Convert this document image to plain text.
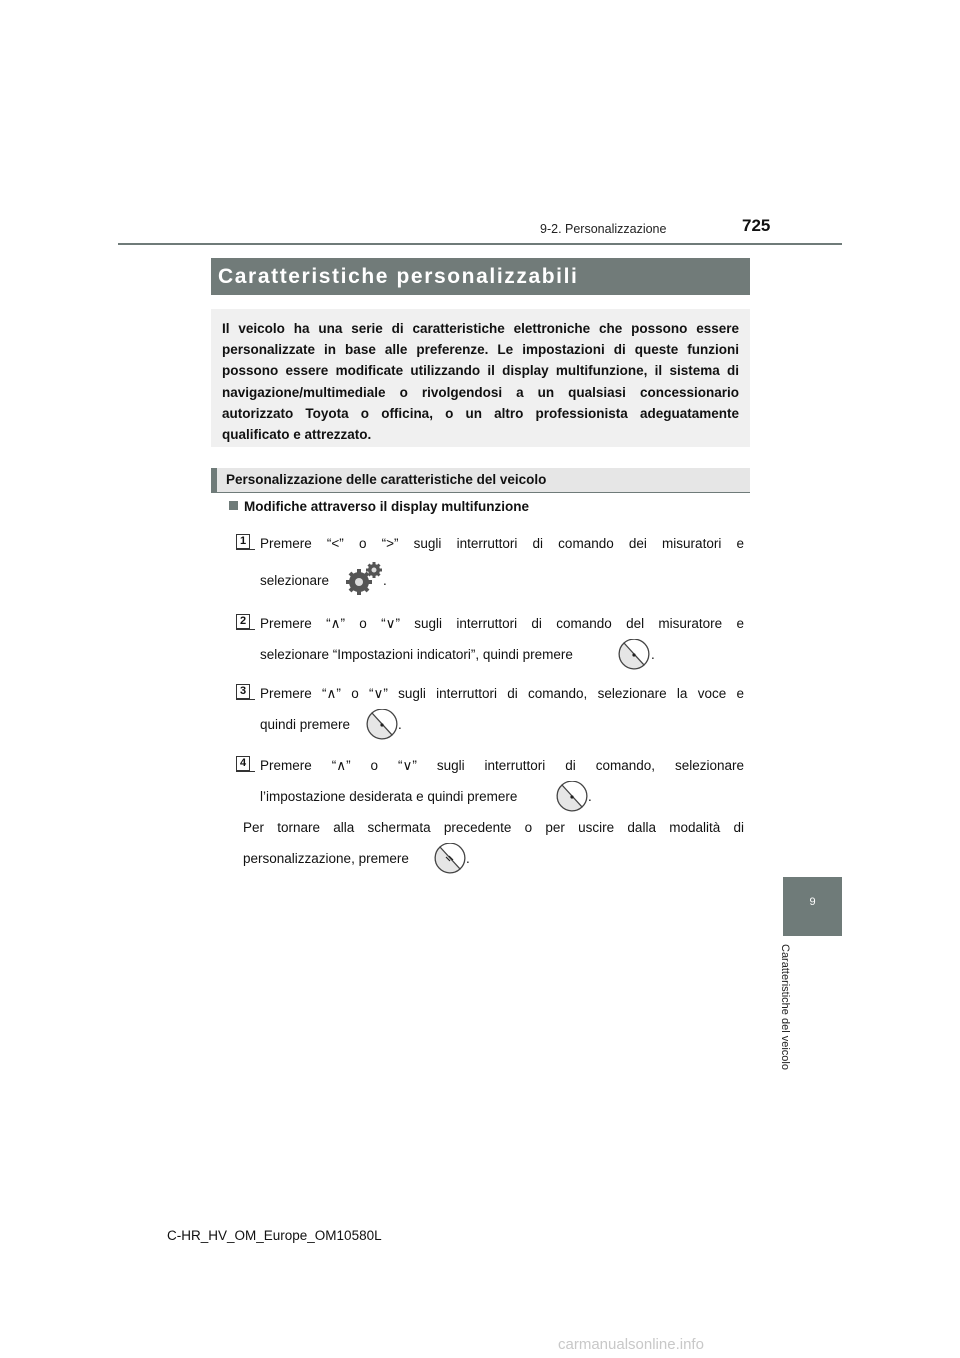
9-2. Personalizzazione	725
Caratteristiche personalizzabili
Il veicolo ha una serie di caratteristiche elettroniche che possono essere personalizzate in base alle preferenze. Le impostazioni di queste funzioni possono essere modificate utilizzando il display multifunzione, il sistema di navigazione/multimediale o rivolgendosi a un qualsiasi concessionario autorizzato Toyota o officina, o un altro professionista adeguatamente qualificato e attrezzato.
Personalizzazione delle caratteristiche del veicolo
Modifiche attraverso il display multifunzione
1 Premere “<” o “>” sugli interruttori di comando dei misuratori e
selezionare	.
2 Premere “∧” o “∨” sugli interruttori di comando del misuratore e
selezionare “Impostazioni indicatori”, quindi premere	.
3 Premere “∧” o “∨” sugli interruttori di comando, selezionare la voce e
quindi premere	.
4 Premere “∧” o “∨” sugli interruttori di comando, selezionare
l’impostazione desiderata e quindi premere	.
Per tornare alla schermata precedente o per uscire dalla modalità di
personalizzazione, premere	.
9
Caratteristiche del veicolo
C-HR_HV_OM_Europe_OM10580L
carmanualsonline.info
